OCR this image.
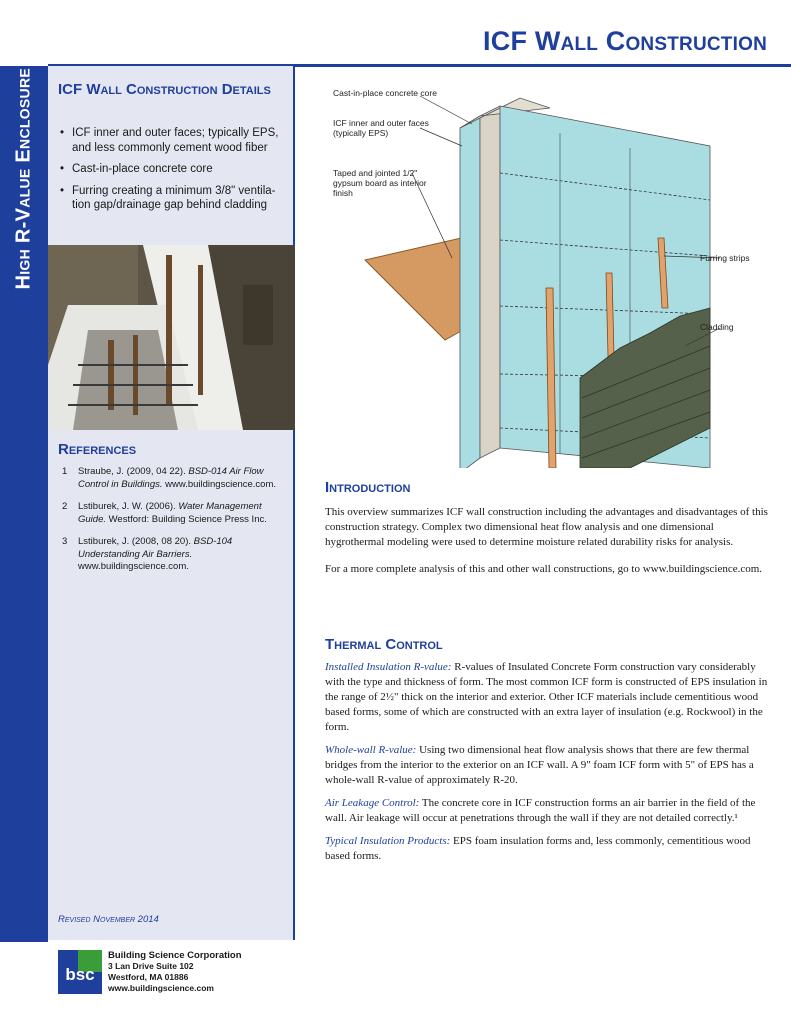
ICF Wall Construction
High R-Value Enclosure ICF Wall Construction Details
• ICF inner and outer faces; typically EPS, and less commonly cement wood fiber
• Cast-in-place concrete core
• Furring creating a minimum 3/8" ventila-tion gap/drainage gap behind cladding
References
1 Straube, J. (2009, 04 22). BSD-014 Air Flow Control in Buildings. www.buildingscience.com.
2 Lstiburek, J. W. (2006). Water Management Guide. Westford: Building Science Press Inc.
3 Lstiburek, J. (2008, 08 20). BSD-104 Understanding Air Barriers. www.buildingscience.com.
Revised November 2014
bsc
Building Science Corporation
3 Lan Drive Suite 102
Westford, MA 01886
www.buildingscience.com
Cast-in-place concrete core
ICF inner and outer faces (typically EPS)
Taped and jointed 1/2" gypsum board as interior finish
Furring strips
Cladding
Introduction

This overview summarizes ICF wall construction including the advantages and disadvantages of this construction strategy. Complex two dimensional heat flow analysis and one dimensional hygrothermal modeling were used to determine moisture related durability risks for analysis.

For a more complete analysis of this and other wall constructions, go to www.buildingscience.com.

Thermal Control

Installed Insulation R-value: R-values of Insulated Concrete Form construction vary considerably with the type and thickness of form. The most common ICF form is constructed of EPS insulation in the range of 2½" thick on the interior and exterior. Other ICF materials include cementitious wood based forms, some of which are constructed with an extra layer of insulation (e.g. Rockwool) in the form.

Whole-wall R-value: Using two dimensional heat flow analysis shows that there are few thermal bridges from the interior to the exterior on an ICF wall. A 9" foam ICF form with 5" of EPS has a whole-wall R-value of approximately R-20.

Air Leakage Control: The concrete core in ICF construction forms an air barrier in the field of the wall. Air leakage will occur at penetrations through the wall if they are not detailed correctly.¹

Typical Insulation Products: EPS foam insulation forms and, less commonly, cementitious wood based forms.
